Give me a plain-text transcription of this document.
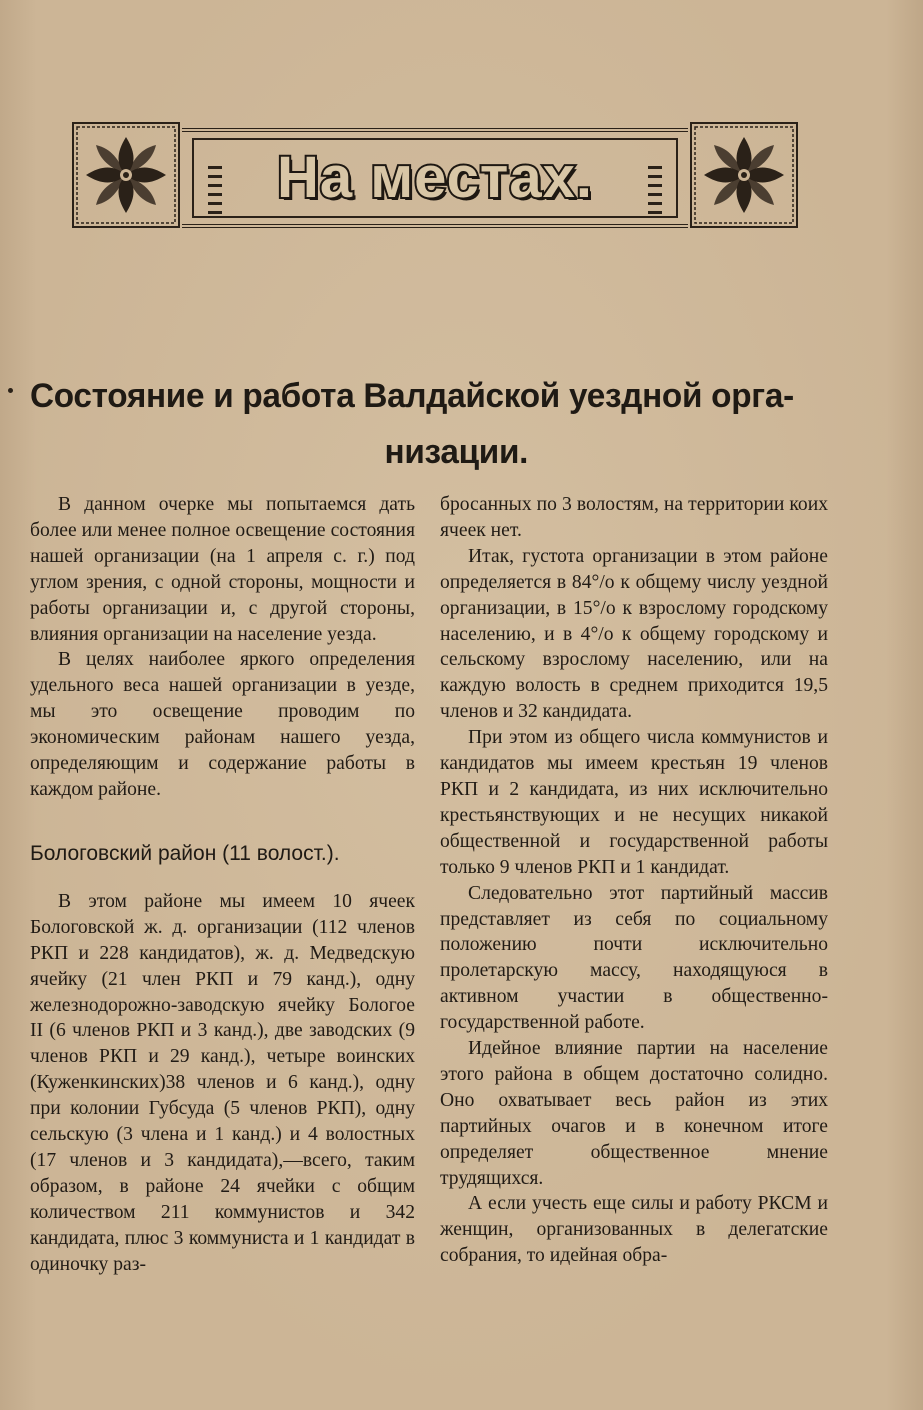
На местах.
Состояние и работа Валдайской уездной орга-
низации.

В данном очерке мы попытаемся дать более или менее полное освещение состояния нашей организации (на 1 апреля с. г.) под углом зрения, с одной стороны, мощности и работы организации и, с другой стороны, влияния организации на население уезда.

В целях наиболее яркого определения удельного веса нашей организации в уезде, мы это освещение проводим по экономическим районам нашего уезда, определяющим и содержание работы в каждом районе.

Бологовский район (11 волост.).

В этом районе мы имеем 10 ячеек Бологовской ж. д. организации (112 членов РКП и 228 кандидатов), ж. д. Медведскую ячейку (21 член РКП и 79 канд.), одну железнодорожно-заводскую ячейку Бологое II (6 членов РКП и 3 канд.), две заводских (9 членов РКП и 29 канд.), четыре воинских (Куженкинских)38 членов и 6 канд.), одну при колонии Губсуда (5 членов РКП), одну сельскую (3 члена и 1 канд.) и 4 волостных (17 членов и 3 кандидата),—всего, таким образом, в районе 24 ячейки с общим количеством 211 коммунистов и 342 кандидата, плюс 3 коммуниста и 1 кандидат в одиночку раз-

бросанных по 3 волостям, на территории коих ячеек нет.

Итак, густота организации в этом районе определяется в 84°/о к общему числу уездной организации, в 15°/о к взрослому городскому населению, и в 4°/о к общему городскому и сельскому взрослому населению, или на каждую волость в среднем приходится 19,5 членов и 32 кандидата.

При этом из общего числа коммунистов и кандидатов мы имеем крестьян 19 членов РКП и 2 кандидата, из них исключительно крестьянствующих и не несущих никакой общественной и государственной работы только 9 членов РКП и 1 кандидат.

Следовательно этот партийный массив представляет из себя по социальному положению почти исключительно пролетарскую массу, находящуюся в активном участии в общественно-государственной работе.

Идейное влияние партии на население этого района в общем достаточно солидно. Оно охватывает весь район из этих партийных очагов и в конечном итоге определяет общественное мнение трудящихся.

А если учесть еще силы и работу РКСМ и женщин, организованных в делегатские собрания, то идейная обра-
